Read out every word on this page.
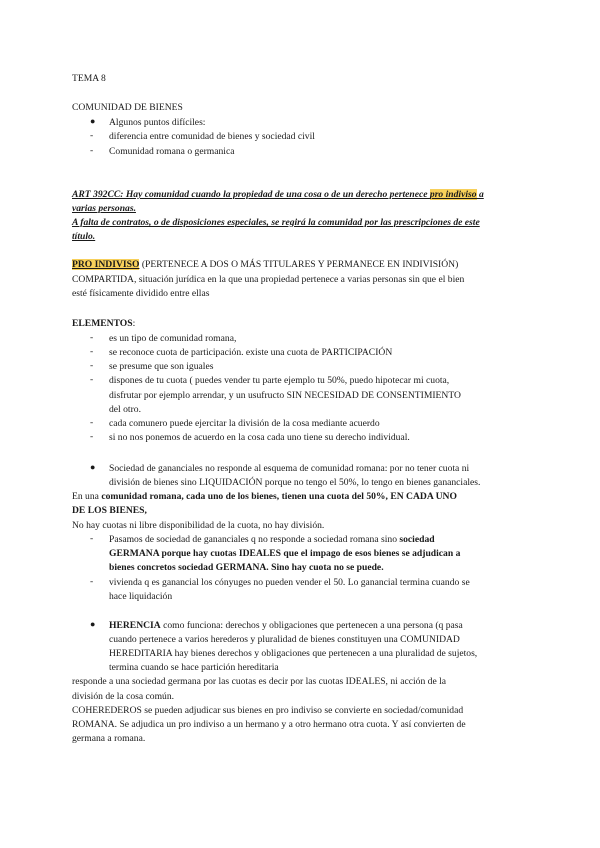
TEMA 8
COMUNIDAD DE BIENES
● Algunos puntos difíciles:
- diferencia entre comunidad de bienes y sociedad civil
- Comunidad romana o germanica
ART 392CC: Hay comunidad cuando la propiedad de una cosa o de un derecho pertenece pro indiviso a
varias personas.
A falta de contratos, o de disposiciones especiales, se regirá la comunidad por las prescripciones de este
título.
PRO INDIVISO (PERTENECE A DOS O MÁS TITULARES Y PERMANECE EN INDIVISIÓN)
COMPARTIDA, situación jurídica en la que una propiedad pertenece a varias personas sin que el bien
esté físicamente dividido entre ellas
ELEMENTOS:
- es un tipo de comunidad romana,
- se reconoce cuota de participación. existe una cuota de PARTICIPACIÓN
- se presume que son iguales
- dispones de tu cuota ( puedes vender tu parte ejemplo tu 50%, puedo hipotecar mi cuota,
disfrutar por ejemplo arrendar, y un usufructo SIN NECESIDAD DE CONSENTIMIENTO
del otro.
- cada comunero puede ejercitar la división de la cosa mediante acuerdo
- si no nos ponemos de acuerdo en la cosa cada uno tiene su derecho individual.
● Sociedad de gananciales no responde al esquema de comunidad romana: por no tener cuota ni
división de bienes sino LIQUIDACIÓN porque no tengo el 50%, lo tengo en bienes gananciales.
En una comunidad romana, cada uno de los bienes, tienen una cuota del 50%, EN CADA UNO
DE LOS BIENES,
No hay cuotas ni libre disponibilidad de la cuota, no hay división.
- Pasamos de sociedad de gananciales q no responde a sociedad romana sino sociedad
GERMANA porque hay cuotas IDEALES que el impago de esos bienes se adjudican a
bienes concretos sociedad GERMANA. Sino hay cuota no se puede.
- vivienda q es ganancial los cónyuges no pueden vender el 50. Lo ganancial termina cuando se
hace liquidación
● HERENCIA como funciona: derechos y obligaciones que pertenecen a una persona (q pasa
cuando pertenece a varios herederos y pluralidad de bienes constituyen una COMUNIDAD
HEREDITARIA hay bienes derechos y obligaciones que pertenecen a una pluralidad de sujetos,
termina cuando se hace partición hereditaria
responde a una sociedad germana por las cuotas es decir por las cuotas IDEALES, ni acción de la
división de la cosa común.
COHEREDEROS se pueden adjudicar sus bienes en pro indiviso se convierte en sociedad/comunidad
ROMANA. Se adjudica un pro indiviso a un hermano y a otro hermano otra cuota. Y así convierten de
germana a romana.
